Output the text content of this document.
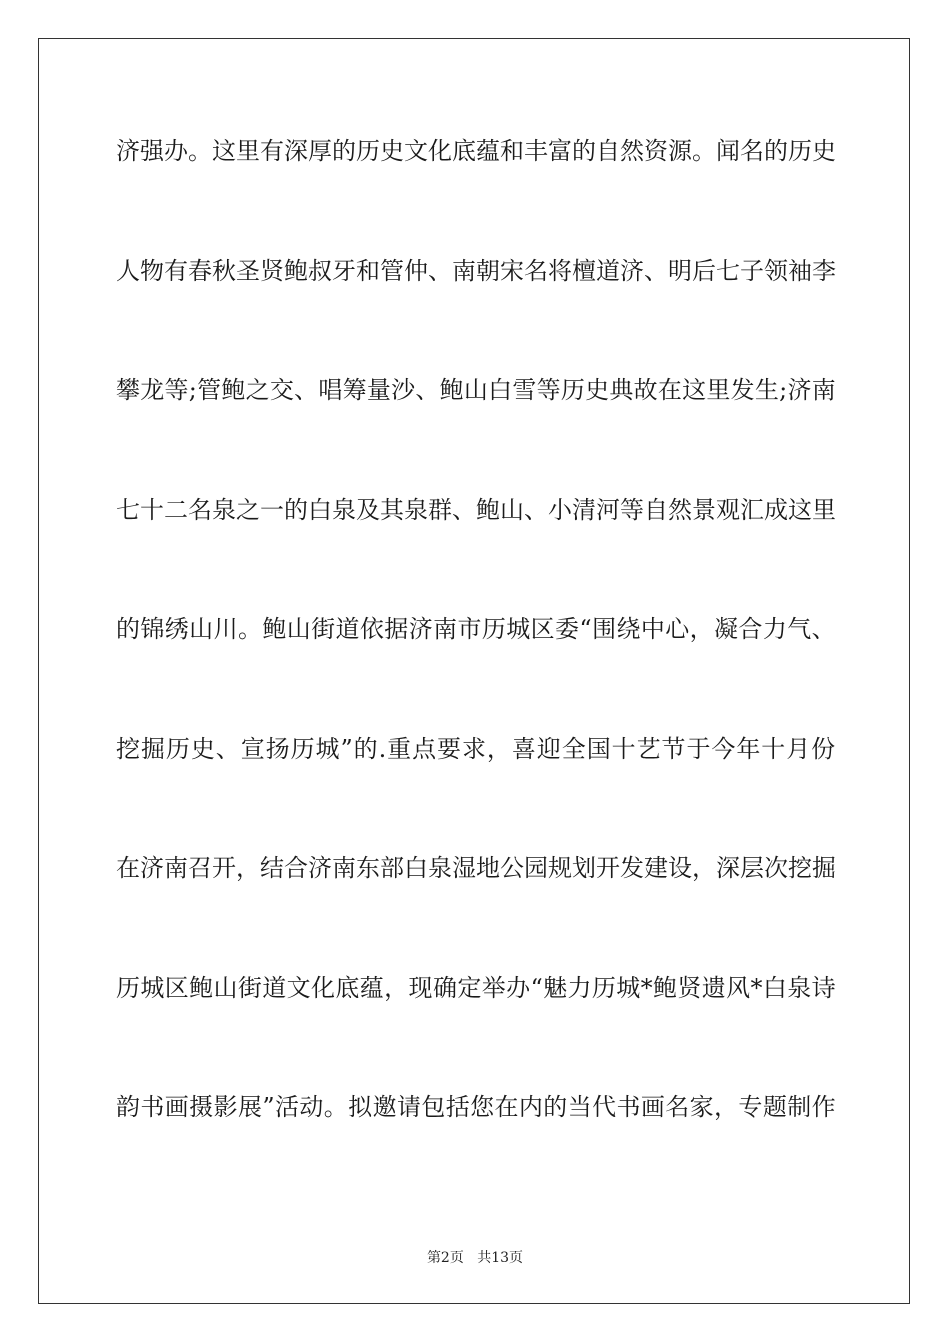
济强办。这里有深厚的历史文化底蕴和丰富的自然资源。闻名的历史
人物有春秋圣贤鲍叔牙和管仲、南朝宋名将檀道济、明后七子领袖李
攀龙等;管鲍之交、唱筹量沙、鲍山白雪等历史典故在这里发生;济南
七十二名泉之一的白泉及其泉群、鲍山、小清河等自然景观汇成这里
的锦绣山川。鲍山街道依据济南市历城区委“围绕中心，凝合力气、
挖掘历史、宣扬历城”的.重点要求，喜迎全国十艺节于今年十月份
在济南召开，结合济南东部白泉湿地公园规划开发建设，深层次挖掘
历城区鲍山街道文化底蕴，现确定举办“魅力历城*鲍贤遗风*白泉诗
韵书画摄影展”活动。拟邀请包括您在内的当代书画名家，专题制作
第2页 共13页
